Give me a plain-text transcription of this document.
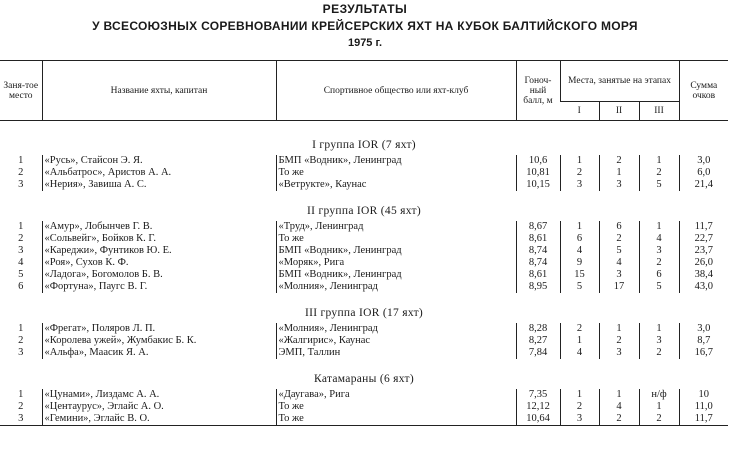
РЕЗУЛЬТАТЫ
У ВСЕСОЮЗНЫХ СОРЕВНОВАНИИ КРЕЙСЕРСКИХ ЯХТ НА КУБОК БАЛТИЙСКОГО МОРЯ
1975 г.
Заня-тое место	Название яхты, капитан	Спортивное общество или яхт-клуб	Гоноч-ный балл, м	Места, занятые на этапах			Сумма очков
				I	II	III	
I группа IOR (7 яхт)							
1	«Русь», Стайсон Э. Я.	БМП «Водник», Ленинград	10,6	1	2	1	3,0
2	«Альбатрос», Аристов А. А.	То же	10,81	2	1	2	6,0
3	«Нерия», Завиша А. С.	«Ветрукте», Каунас	10,15	3	3	5	21,4
II группа IOR (45 яхт)							
1	«Амур», Лобынчев Г. В.	«Труд», Ленинград	8,67	1	6	1	11,7
2	«Сольвейг», Бойков К. Г.	То же	8,61	6	2	4	22,7
3	«Кареджи», Фунтиков Ю. Е.	БМП «Водник», Ленинград	8,74	4	5	3	23,7
4	«Роя», Сухов К. Ф.	«Моряк», Рига	8,74	9	4	2	26,0
5	«Ладога», Богомолов Б. В.	БМП «Водник», Ленинград	8,61	15	3	6	38,4
6	«Фортуна», Паугс В. Г.	«Молния», Ленинград	8,95	5	17	5	43,0
III группа IOR (17 яхт)							
1	«Фрегат», Поляров Л. П.	«Молния», Ленинград	8,28	2	1	1	3,0
2	«Королева ужей», Жумбакис Б. К.	«Жалгирис», Каунас	8,27	1	2	3	8,7
3	«Альфа», Маасик Я. А.	ЭМП, Таллин	7,84	4	3	2	16,7
Катамараны (6 яхт)							
1	«Цунами», Лиздамс А. А.	«Даугава», Рига	7,35	1	1	н/ф	10
2	«Центаурус», Эглайс А. О.	То же	12,12	2	4	1	11,0
3	«Гемини», Эглайс В. О.	То же	10,64	3	2	2	11,7
